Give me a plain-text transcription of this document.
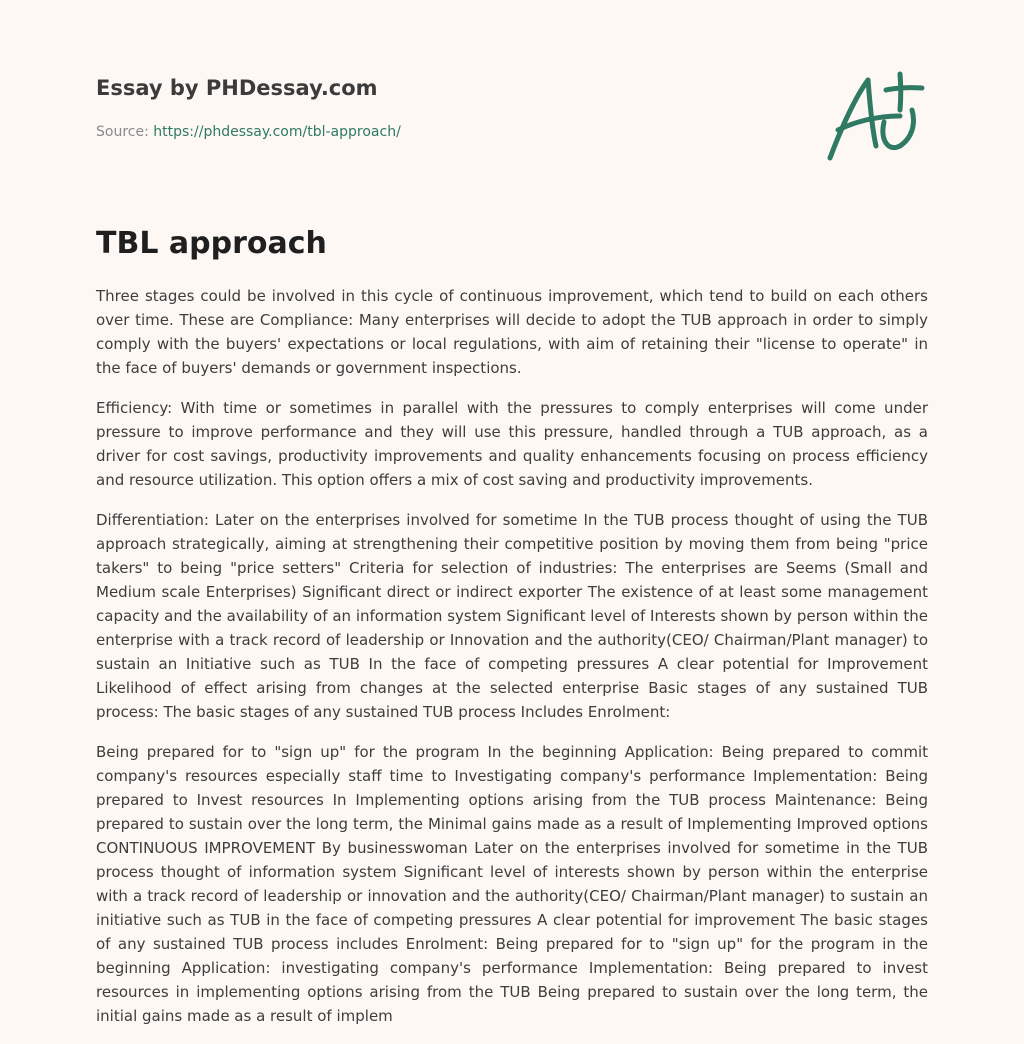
Essay by PHDessay.com
Source: https://phdessay.com/tbl-approach/
TBL approach

Three stages could be involved in this cycle of continuous improvement, which tend to build on each others over time. These are Compliance: Many enterprises will decide to adopt the TUB approach in order to simply comply with the buyers' expectations or local regulations, with aim of retaining their "license to operate" in the face of buyers' demands or government inspections.

Efficiency: With time or sometimes in parallel with the pressures to comply enterprises will come under pressure to improve performance and they will use this pressure, handled through a TUB approach, as a driver for cost savings, productivity improvements and quality enhancements focusing on process efficiency and resource utilization. This option offers a mix of cost saving and productivity improvements.

Differentiation: Later on the enterprises involved for sometime In the TUB process thought of using the TUB approach strategically, aiming at strengthening their competitive position by moving them from being "price takers" to being "price setters" Criteria for selection of industries: The enterprises are Seems (Small and Medium scale Enterprises) Significant direct or indirect exporter The existence of at least some management capacity and the availability of an information system Significant level of Interests shown by person within the enterprise with a track record of leadership or Innovation and the authority(CEO/ Chairman/Plant manager) to sustain an Initiative such as TUB In the face of competing pressures A clear potential for Improvement Likelihood of effect arising from changes at the selected enterprise Basic stages of any sustained TUB process: The basic stages of any sustained TUB process Includes Enrolment:

Being prepared for to "sign up" for the program In the beginning Application: Being prepared to commit company's resources especially staff time to Investigating company's performance Implementation: Being prepared to Invest resources In Implementing options arising from the TUB process Maintenance: Being prepared to sustain over the long term, the Minimal gains made as a result of Implementing Improved options CONTINUOUS IMPROVEMENT By businesswoman Later on the enterprises involved for sometime in the TUB process thought of information system Significant level of interests shown by person within the enterprise with a track record of leadership or innovation and the authority(CEO/ Chairman/Plant manager) to sustain an initiative such as TUB in the face of competing pressures A clear potential for improvement The basic stages of any sustained TUB process includes Enrolment: Being prepared for to "sign up" for the program in the beginning Application: investigating company's performance Implementation: Being prepared to invest resources in implementing options arising from the TUB Being prepared to sustain over the long term, the initial gains made as a result of implem
